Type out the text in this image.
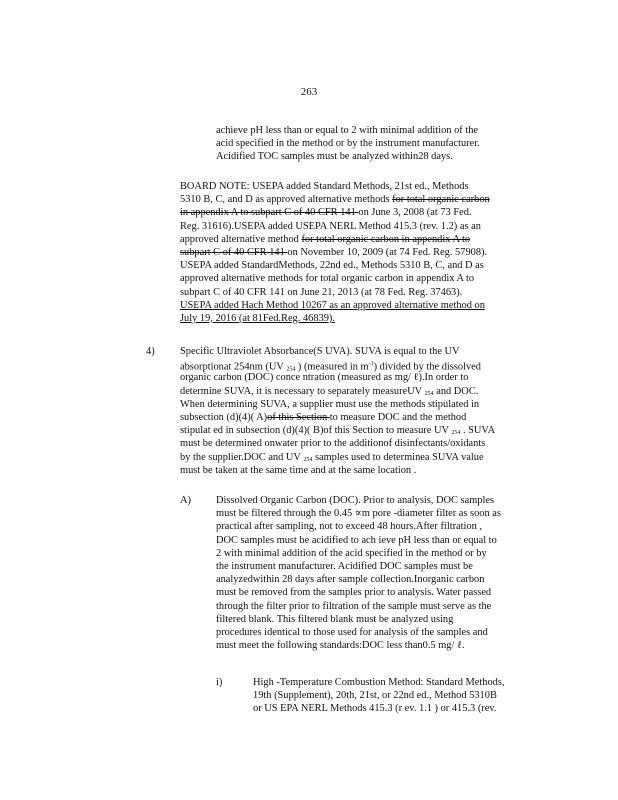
263
achieve pH less than or equal to 2 with minimal addition of the
acid specified in the method or by the instrument manufacturer.
Acidified TOC samples must be analyzed within28 days.
BOARD NOTE: USEPA added Standard Methods, 21st ed., Methods
5310 B, C, and D as approved alternative methods for total organic carbon
in appendix A to subpart C of 40 CFR 141 on June 3, 2008 (at 73 Fed.
Reg. 31616).USEPA added USEPA NERL Method 415.3 (rev. 1.2) as an
approved alternative method for total organic carbon in appendix A to
subpart C of 40 CFR 141 on November 10, 2009 (at 74 Fed. Reg. 57908).
USEPA added StandardMethods, 22nd ed., Methods 5310 B, C, and D as
approved alternative methods for total organic carbon in appendix A to
subpart C of 40 CFR 141 on June 21, 2013 (at 78 Fed. Reg. 37463).
USEPA added Hach Method 10267 as an approved alternative method on
July 19, 2016 (at 81Fed.Reg. 46839).
4) Specific Ultraviolet Absorbance(S UVA). SUVA is equal to the UV
absorptionat 254nm (UV $_{254}$ ) (measured in $m^{-1}$) divided by the dissolved
organic carbon (DOC) conce ntration (measured as mg/ ℓ).In order to
determine SUVA, it is necessary to separately measureUV $_{254}$ and DOC.
When determining SUVA, a supplier must use the methods stipulated in
subsection (d)(4)( A)of this Section to measure DOC and the method
stipulat ed in subsection (d)(4)( B)of this Section to measure UV $_{254}$ . SUVA
must be determined onwater prior to the additionof disinfectants/oxidants
by the supplier.DOC and UV $_{254}$ samples used to determinea SUVA value
must be taken at the same time and at the same location .
A) Dissolved Organic Carbon (DOC). Prior to analysis, DOC samples
must be filtered through the 0.45 ∝m pore -diameter filter as soon as
practical after sampling, not to exceed 48 hours.After filtration ,
DOC samples must be acidified to ach ieve pH less than or equal to
2 with minimal addition of the acid specified in the method or by
the instrument manufacturer. Acidified DOC samples must be
analyzedwithin 28 days after sample collection.Inorganic carbon
must be removed from the samples prior to analysis. Water passed
through the filter prior to filtration of the sample must serve as the
filtered blank. This filtered blank must be analyzed using
procedures identical to those used for analysis of the samples and
must meet the following standards:DOC less than0.5 mg/ ℓ.
i)	High -Temperature Combustion Method: Standard Methods,
19th (Supplement), 20th, 21st, or 22nd ed., Method 5310B
or US EPA NERL Methods 415.3 (r ev. 1.1 ) or 415.3 (rev.
